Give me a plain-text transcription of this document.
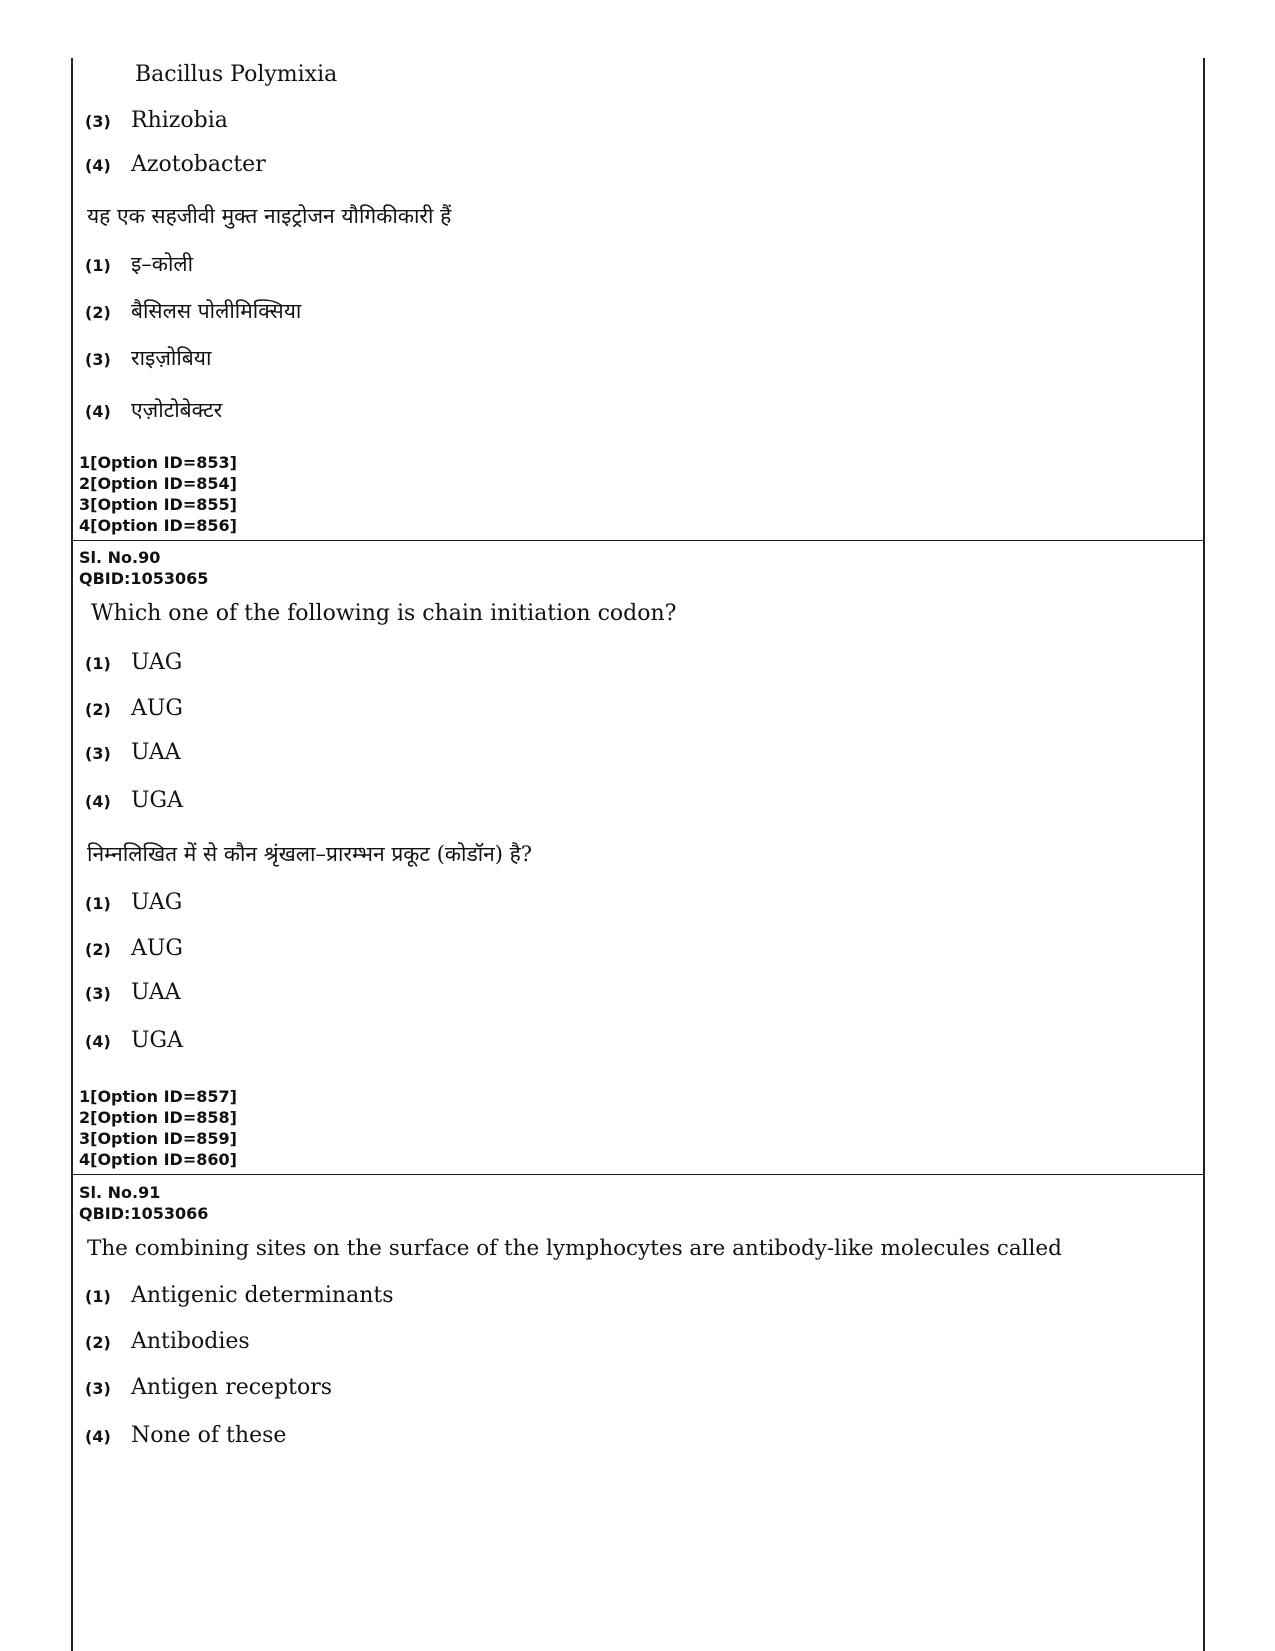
Bacillus Polymixia
(3) Rhizobia
(4) Azotobacter
यह एक सहजीवी मुक्त नाइट्रोजन यौगिकीकारी हैं
(1) इ–कोली
(2) बैसिलस पोलीमिक्सिया
(3) राइज़ोबिया
(4) एज़ोटोबेक्टर
1[Option ID=853]
2[Option ID=854]
3[Option ID=855]
4[Option ID=856]
Sl. No.90
QBID:1053065
Which one of the following is chain initiation codon?
(1) UAG
(2) AUG
(3) UAA
(4) UGA
निम्नलिखित में से कौन श्रृंखला–प्रारम्भन प्रकूट (कोडॉन) है?
(1) UAG
(2) AUG
(3) UAA
(4) UGA
1[Option ID=857]
2[Option ID=858]
3[Option ID=859]
4[Option ID=860]
Sl. No.91
QBID:1053066
The combining sites on the surface of the lymphocytes are antibody-like molecules called
(1) Antigenic determinants
(2) Antibodies
(3) Antigen receptors
(4) None of these
